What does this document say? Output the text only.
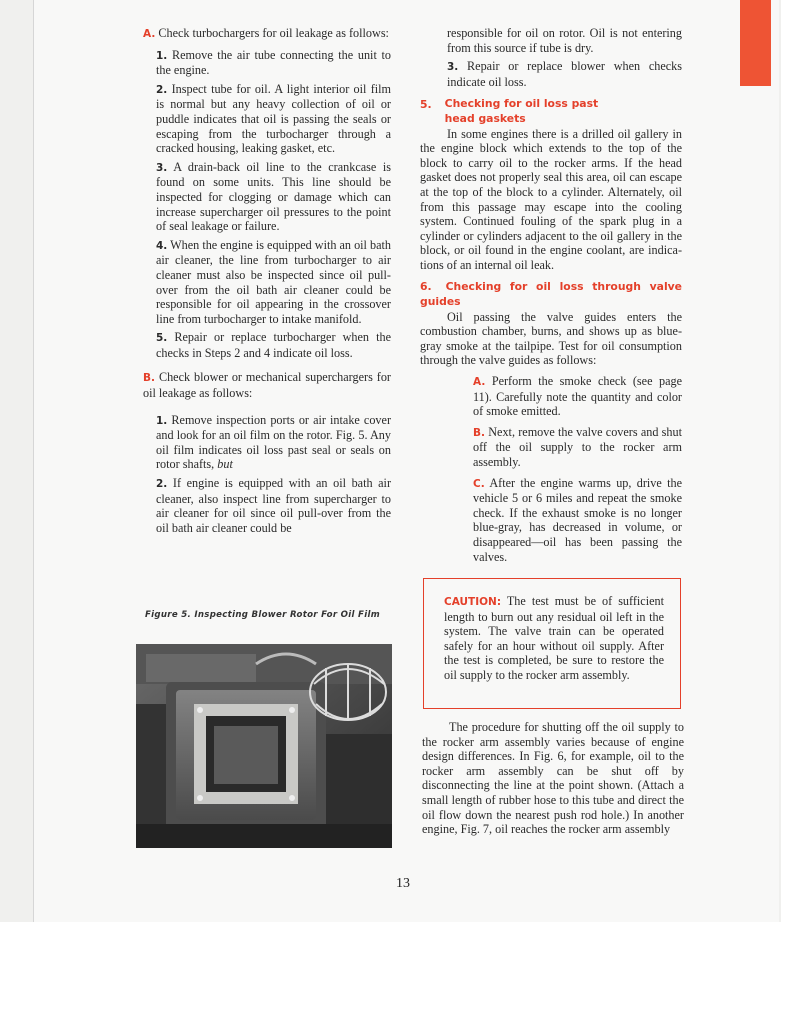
A. Check turbochargers for oil leakage as follows:

1. Remove the air tube connecting the unit to the engine.

2. Inspect tube for oil. A light interior oil film is normal but any heavy collection of oil or puddle indicates that oil is passing the seals or escaping from the turbocharger through a cracked housing, leaking gasket, etc.

3. A drain-back oil line to the crankcase is found on some units. This line should be inspected for clogging or damage which can increase supercharger oil pressures to the point of seal leakage or failure.

4. When the engine is equipped with an oil bath air cleaner, the line from turbocharger to air cleaner must also be inspected since oil pull-over from the oil bath air cleaner could be responsible for oil appearing in the crossover line from turbocharger to intake manifold.

5. Repair or replace turbocharger when the checks in Steps 2 and 4 indicate oil loss.

B. Check blower or mechanical superchargers for oil leakage as follows:

1. Remove inspection ports or air intake cover and look for an oil film on the rotor. Fig. 5. Any oil film indicates oil loss past seal or seals on rotor shafts, but

2. If engine is equipped with an oil bath air cleaner, also inspect line from supercharger to air cleaner for oil since oil pull-over from the oil bath air cleaner could be

Figure 5. Inspecting Blower Rotor For Oil Film

responsible for oil on rotor. Oil is not entering from this source if tube is dry.

3. Repair or replace blower when checks indicate oil loss.

5. Checking for oil loss past head gaskets

In some engines there is a drilled oil gallery in the engine block which extends to the top of the block to carry oil to the rocker arms. If the head gasket does not properly seal this area, oil can escape at the top of the block to a cylinder. Alternately, oil from this passage may escape into the cooling system. Continued fouling of the spark plug in a cylinder or cylinders adjacent to the oil gallery in the block, or oil found in the engine coolant, are indications of an internal oil leak.

6. Checking for oil loss through valve guides

Oil passing the valve guides enters the combustion chamber, burns, and shows up as blue-gray smoke at the tailpipe. Test for oil consumption through the valve guides as follows:

A. Perform the smoke check (see page 11). Carefully note the quantity and color of smoke emitted.

B. Next, remove the valve covers and shut off the oil supply to the rocker arm assembly.

C. After the engine warms up, drive the vehicle 5 or 6 miles and repeat the smoke check. If the exhaust smoke is no longer blue-gray, has decreased in volume, or disappeared—oil has been passing the valves.

CAUTION: The test must be of sufficient length to burn out any residual oil left in the system. The valve train can be operated safely for an hour without oil supply. After the test is completed, be sure to restore the oil supply to the rocker arm assembly.

The procedure for shutting off the oil supply to the rocker arm assembly varies because of engine design differences. In Fig. 6, for example, oil to the rocker arm assembly can be shut off by disconnecting the line at the point shown. (Attach a small length of rubber hose to this tube and direct the oil flow down the nearest push rod hole.) In another engine, Fig. 7, oil reaches the rocker arm assembly

13
